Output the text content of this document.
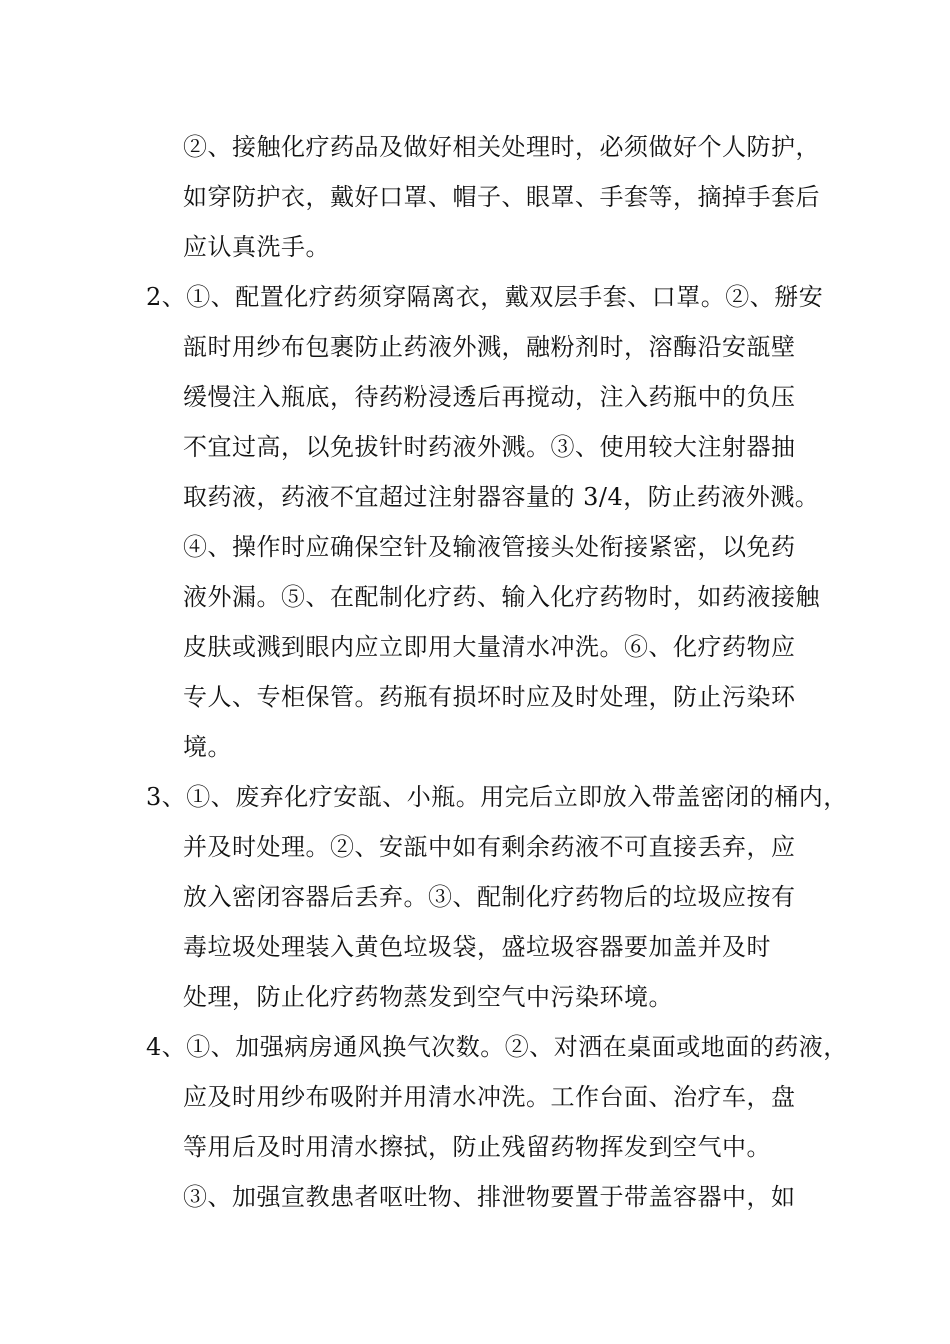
②、接触化疗药品及做好相关处理时，必须做好个人防护，
如穿防护衣，戴好口罩、帽子、眼罩、手套等，摘掉手套后
应认真洗手。
2、①、配置化疗药须穿隔离衣，戴双层手套、口罩。②、掰安
瓿时用纱布包裹防止药液外溅，融粉剂时，溶酶沿安瓿壁
缓慢注入瓶底，待药粉浸透后再搅动，注入药瓶中的负压
不宜过高，以免拔针时药液外溅。③、使用较大注射器抽
取药液，药液不宜超过注射器容量的 3/4，防止药液外溅。
④、操作时应确保空针及输液管接头处衔接紧密，以免药
液外漏。⑤、在配制化疗药、输入化疗药物时，如药液接触
皮肤或溅到眼内应立即用大量清水冲洗。⑥、化疗药物应
专人、专柜保管。药瓶有损坏时应及时处理，防止污染环
境。
3、①、废弃化疗安瓿、小瓶。用完后立即放入带盖密闭的桶内，
并及时处理。②、安瓿中如有剩余药液不可直接丢弃，应
放入密闭容器后丢弃。③、配制化疗药物后的垃圾应按有
毒垃圾处理装入黄色垃圾袋，盛垃圾容器要加盖并及时
处理，防止化疗药物蒸发到空气中污染环境。
4、①、加强病房通风换气次数。②、对洒在桌面或地面的药液，
应及时用纱布吸附并用清水冲洗。工作台面、治疗车，盘
等用后及时用清水擦拭，防止残留药物挥发到空气中。
③、加强宣教患者呕吐物、排泄物要置于带盖容器中，如
